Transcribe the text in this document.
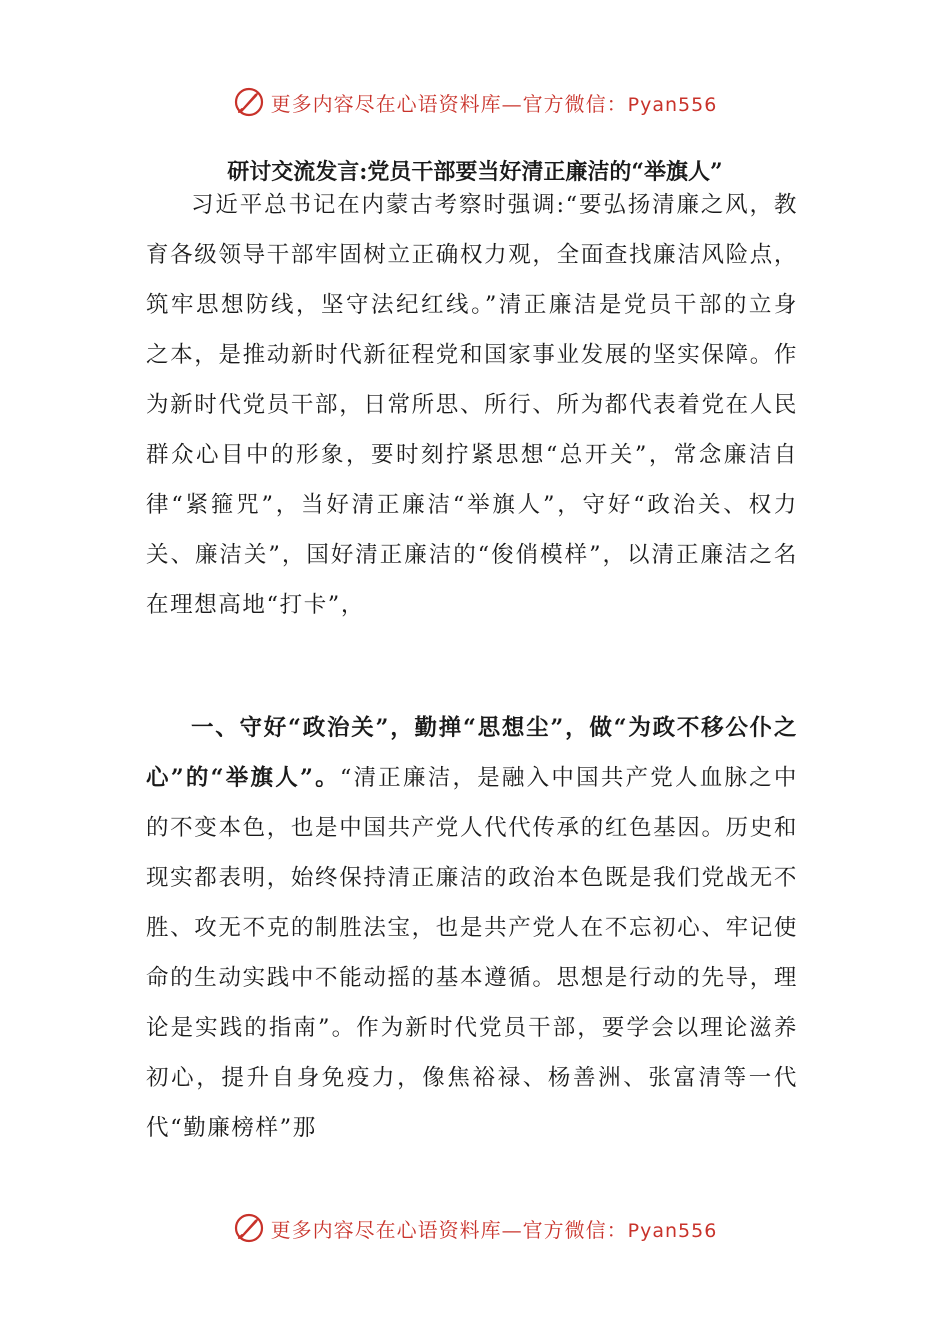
更多内容尽在心语资料库—官方微信：Pyan556
研讨交流发言:党员干部要当好清正廉洁的“举旗人”

习近平总书记在内蒙古考察时强调:“要弘扬清廉之风，教育各级领导干部牢固树立正确权力观，全面查找廉洁风险点，筑牢思想防线，坚守法纪红线。”清正廉洁是党员干部的立身之本，是推动新时代新征程党和国家事业发展的坚实保障。作为新时代党员干部，日常所思、所行、所为都代表着党在人民群众心目中的形象，要时刻拧紧思想“总开关”，常念廉洁自律“紧箍咒”，当好清正廉洁“举旗人”，守好“政治关、权力关、廉洁关”，国好清正廉洁的“俊俏模样”，以清正廉洁之名在理想高地“打卡”，

一、守好“政治关”，勤掸“思想尘”，做“为政不移公仆之心”的“举旗人”。“清正廉洁，是融入中国共产党人血脉之中的不变本色，也是中国共产党人代代传承的红色基因。历史和现实都表明，始终保持清正廉洁的政治本色既是我们党战无不胜、攻无不克的制胜法宝，也是共产党人在不忘初心、牢记使命的生动实践中不能动摇的基本遵循。思想是行动的先导，理论是实践的指南”。作为新时代党员干部，要学会以理论滋养初心，提升自身免疫力，像焦裕禄、杨善洲、张富清等一代代“勤廉榜样”那

更多内容尽在心语资料库—官方微信：Pyan556
